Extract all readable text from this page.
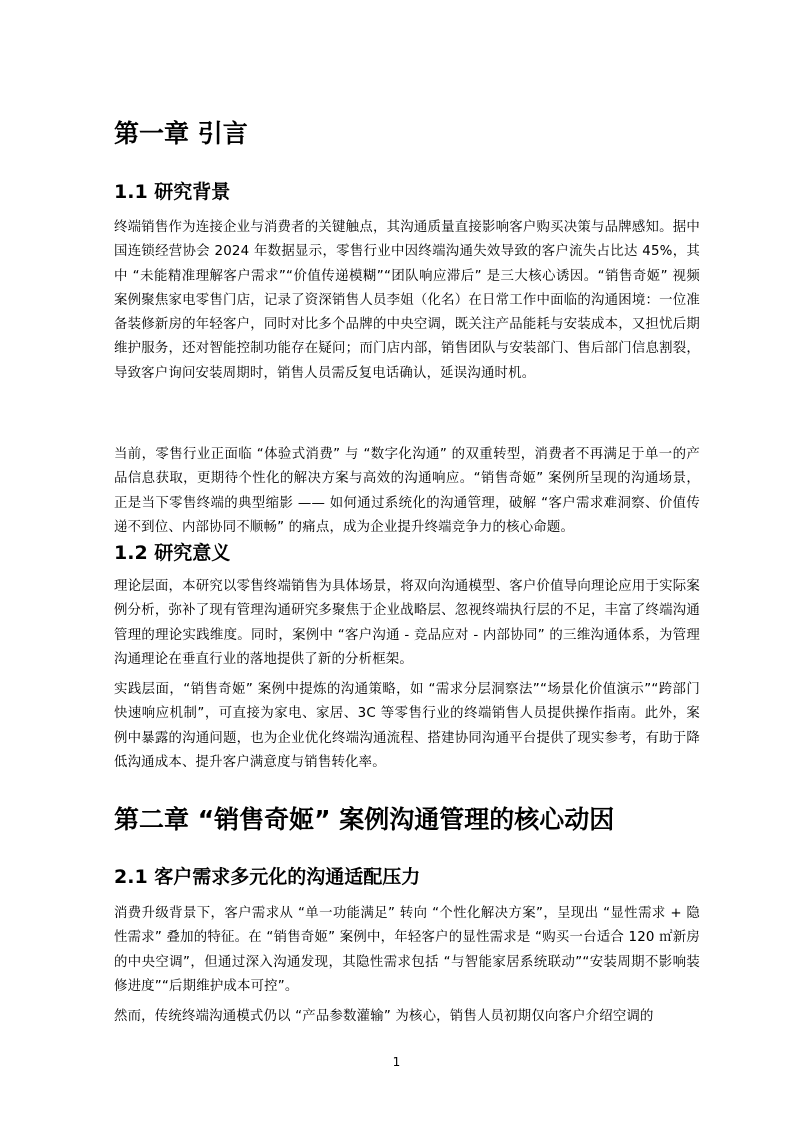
第一章 引言
1.1 研究背景

终端销售作为连接企业与消费者的关键触点，其沟通质量直接影响客户购买决策与品牌感知。据中国连锁经营协会 2024 年数据显示，零售行业中因终端沟通失效导致的客户流失占比达 45%，其中 “未能精准理解客户需求”“价值传递模糊”“团队响应滞后” 是三大核心诱因。“销售奇姬” 视频案例聚焦家电零售门店，记录了资深销售人员李姐（化名）在日常工作中面临的沟通困境：一位准备装修新房的年轻客户，同时对比多个品牌的中央空调，既关注产品能耗与安装成本，又担忧后期维护服务，还对智能控制功能存在疑问；而门店内部，销售团队与安装部门、售后部门信息割裂，导致客户询问安装周期时，销售人员需反复电话确认，延误沟通时机。

当前，零售行业正面临 “体验式消费” 与 “数字化沟通” 的双重转型，消费者不再满足于单一的产品信息获取，更期待个性化的解决方案与高效的沟通响应。“销售奇姬” 案例所呈现的沟通场景，正是当下零售终端的典型缩影 —— 如何通过系统化的沟通管理，破解 “客户需求难洞察、价值传递不到位、内部协同不顺畅” 的痛点，成为企业提升终端竞争力的核心命题。

1.2 研究意义

理论层面，本研究以零售终端销售为具体场景，将双向沟通模型、客户价值导向理论应用于实际案例分析，弥补了现有管理沟通研究多聚焦于企业战略层、忽视终端执行层的不足，丰富了终端沟通管理的理论实践维度。同时，案例中 “客户沟通 - 竞品应对 - 内部协同” 的三维沟通体系，为管理沟通理论在垂直行业的落地提供了新的分析框架。

实践层面，“销售奇姬” 案例中提炼的沟通策略，如 “需求分层洞察法”“场景化价值演示”“跨部门快速响应机制”，可直接为家电、家居、3C 等零售行业的终端销售人员提供操作指南。此外，案例中暴露的沟通问题，也为企业优化终端沟通流程、搭建协同沟通平台提供了现实参考，有助于降低沟通成本、提升客户满意度与销售转化率。

第二章 “销售奇姬” 案例沟通管理的核心动因
2.1 客户需求多元化的沟通适配压力

消费升级背景下，客户需求从 “单一功能满足” 转向 “个性化解决方案”，呈现出 “显性需求 + 隐性需求” 叠加的特征。在 “销售奇姬” 案例中，年轻客户的显性需求是 “购买一台适合 120 ㎡新房的中央空调”，但通过深入沟通发现，其隐性需求包括 “与智能家居系统联动”“安装周期不影响装修进度”“后期维护成本可控”。

然而，传统终端沟通模式仍以 “产品参数灌输” 为核心，销售人员初期仅向客户介绍空调的

1
